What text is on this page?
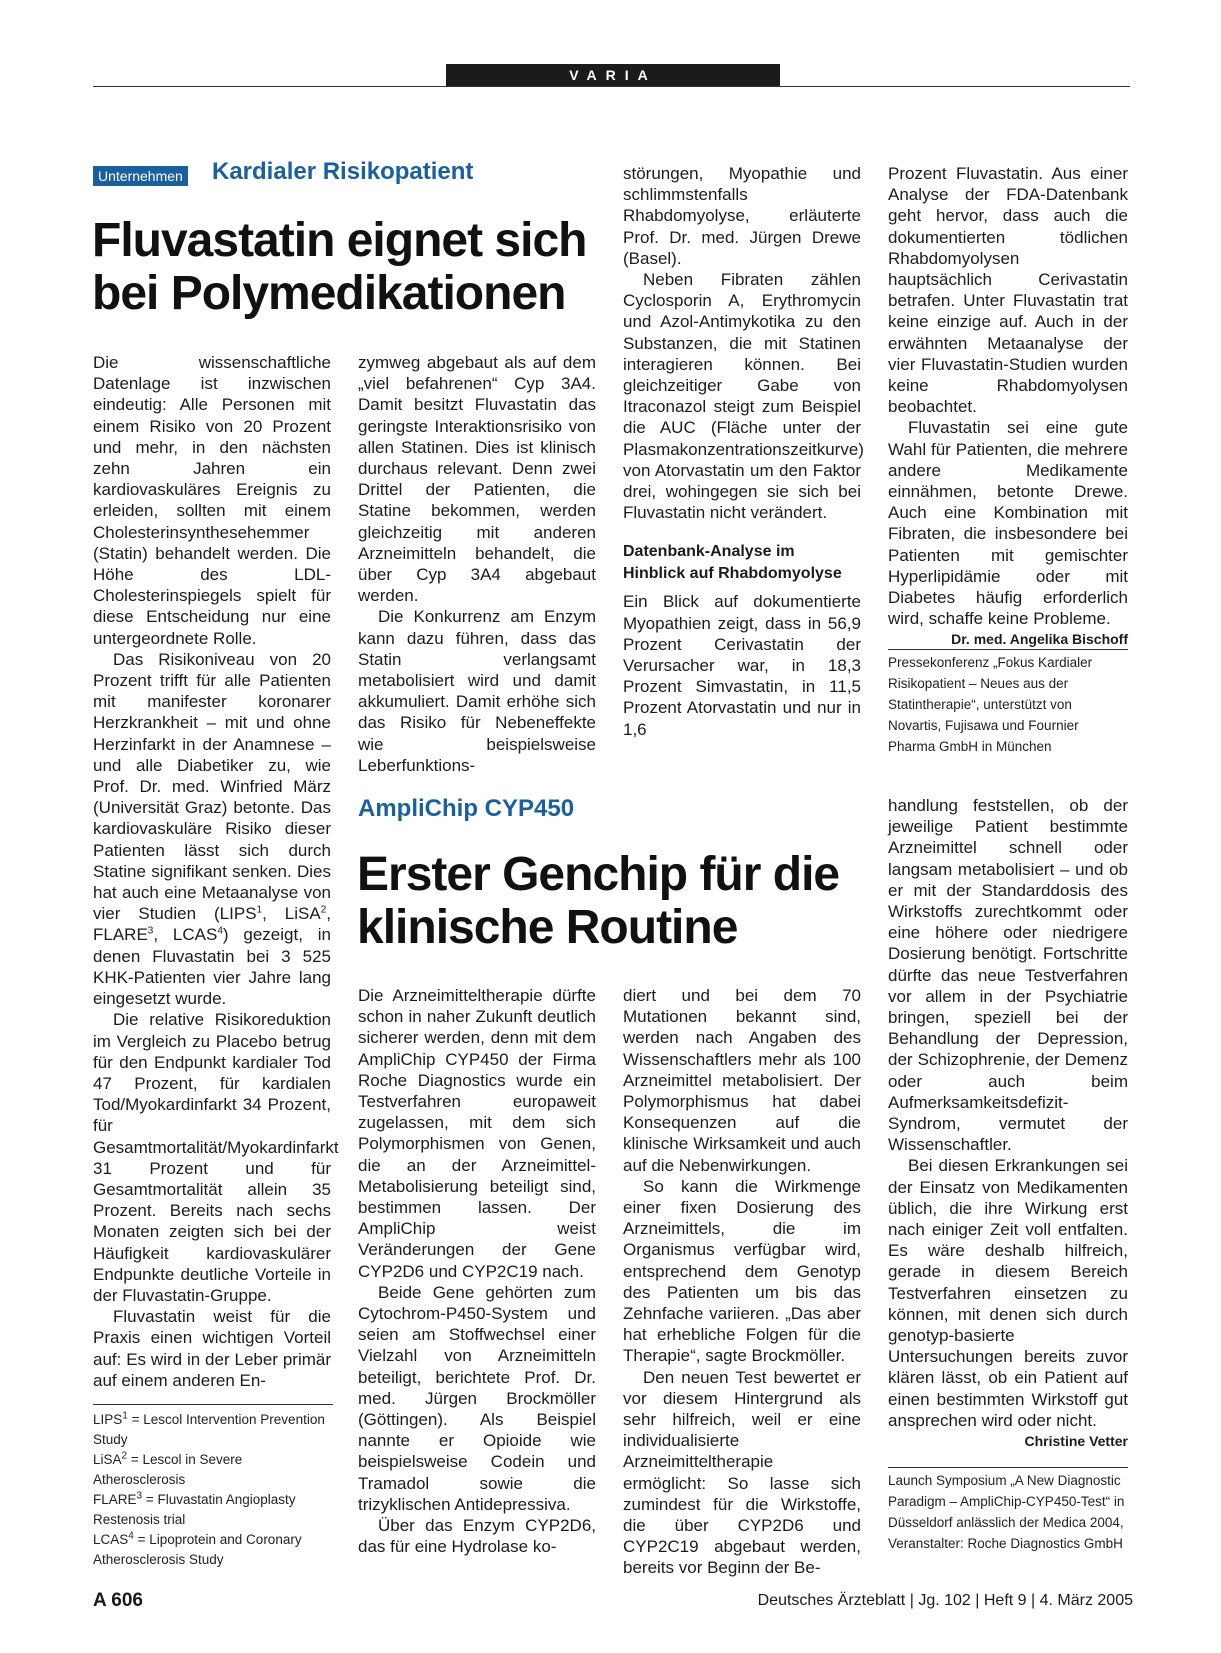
VARIA
Unternehmen Kardialer Risikopatient
Fluvastatin eignet sich
bei Polymedikationen

Die wissenschaftliche Datenlage ist inzwischen eindeutig: Alle Personen mit einem Risiko von 20 Prozent und mehr, in den nächsten zehn Jahren ein kardiovaskuläres Ereignis zu erleiden, sollten mit einem Cholesterinsynthesehemmer (Statin) behandelt werden. Die Höhe des LDL-Cholesterinspiegels spielt für diese Entscheidung nur eine untergeordnete Rolle.

Das Risikoniveau von 20 Prozent trifft für alle Patienten mit manifester koronarer Herzkrankheit – mit und ohne Herzinfarkt in der Anamnese – und alle Diabetiker zu, wie Prof. Dr. med. Winfried März (Universität Graz) betonte. Das kardiovaskuläre Risiko dieser Patienten lässt sich durch Statine signifikant senken. Dies hat auch eine Metaanalyse von vier Studien (LIPS$^1$, LiSA$^2$, FLARE$^3$, LCAS$^4$) gezeigt, in denen Fluvastatin bei 3 525 KHK-Patienten vier Jahre lang eingesetzt wurde.

Die relative Risikoreduktion im Vergleich zu Placebo betrug für den Endpunkt kardialer Tod 47 Prozent, für kardialen Tod/Myokardinfarkt 34 Prozent, für Gesamtmortalität/Myokardinfarkt 31 Prozent und für Gesamtmortalität allein 35 Prozent. Bereits nach sechs Monaten zeigten sich bei der Häufigkeit kardiovaskulärer Endpunkte deutliche Vorteile in der Fluvastatin-Gruppe.

Fluvastatin weist für die Praxis einen wichtigen Vorteil auf: Es wird in der Leber primär auf einem anderen En-

$LIPS^1$ = Lescol Intervention Prevention Study
LiSA$^2$ = Lescol in Severe Atherosclerosis
$FLARE^3$ = Fluvastatin Angioplasty Restenosis trial
$LCAS^4$ = Lipoprotein and Coronary Atherosclerosis Study

zymweg abgebaut als auf dem „viel befahrenen“ Cyp 3A4. Damit besitzt Fluvastatin das geringste Interaktionsrisiko von allen Statinen. Dies ist klinisch durchaus relevant. Denn zwei Drittel der Patienten, die Statine bekommen, werden gleichzeitig mit anderen Arzneimitteln behandelt, die über Cyp 3A4 abgebaut werden.

Die Konkurrenz am Enzym kann dazu führen, dass das Statin verlangsamt metabolisiert wird und damit akkumuliert. Damit erhöhe sich das Risiko für Nebeneffekte wie beispielsweise Leberfunktions-

störungen, Myopathie und schlimmstenfalls Rhabdomyolyse, erläuterte Prof. Dr. med. Jürgen Drewe (Basel).

Neben Fibraten zählen Cyclosporin A, Erythromycin und Azol-Antimykotika zu den Substanzen, die mit Statinen interagieren können. Bei gleichzeitiger Gabe von Itraconazol steigt zum Beispiel die AUC (Fläche unter der Plasmakonzentrationszeitkurve) von Atorvastatin um den Faktor drei, wohingegen sie sich bei Fluvastatin nicht verändert.

Datenbank-Analyse im
Hinblick auf Rhabdomyolyse

Ein Blick auf dokumentierte Myopathien zeigt, dass in 56,9 Prozent Cerivastatin der Verursacher war, in 18,3 Prozent Simvastatin, in 11,5 Prozent Atorvastatin und nur in 1,6

Prozent Fluvastatin. Aus einer Analyse der FDA-Datenbank geht hervor, dass auch die dokumentierten tödlichen Rhabdomyolysen hauptsächlich Cerivastatin betrafen. Unter Fluvastatin trat keine einzige auf. Auch in der erwähnten Metaanalyse der vier Fluvastatin-Studien wurden keine Rhabdomyolysen beobachtet.

Fluvastatin sei eine gute Wahl für Patienten, die mehrere andere Medikamente einnähmen, betonte Drewe. Auch eine Kombination mit Fibraten, die insbesondere bei Patienten mit gemischter Hyperlipidämie oder mit Diabetes häufig erforderlich wird, schaffe keine Probleme.
Dr. med. Angelika Bischoff

Pressekonferenz „Fokus Kardialer Risikopatient – Neues aus der Statintherapie“, unterstützt von Novartis, Fujisawa und Fournier Pharma GmbH in München
AmpliChip CYP450
Erster Genchip für die
klinische Routine

Die Arzneimitteltherapie dürfte schon in naher Zukunft deutlich sicherer werden, denn mit dem AmpliChip CYP450 der Firma Roche Diagnostics wurde ein Testverfahren europaweit zugelassen, mit dem sich Polymorphismen von Genen, die an der Arzneimittel-Metabolisierung beteiligt sind, bestimmen lassen. Der AmpliChip weist Veränderungen der Gene CYP2D6 und CYP2C19 nach.

Beide Gene gehörten zum Cytochrom-P450-System und seien am Stoffwechsel einer Vielzahl von Arzneimitteln beteiligt, berichtete Prof. Dr. med. Jürgen Brockmöller (Göttingen). Als Beispiel nannte er Opioide wie beispielsweise Codein und Tramadol sowie die trizyklischen Antidepressiva.

Über das Enzym CYP2D6, das für eine Hydrolase ko-

diert und bei dem 70 Mutationen bekannt sind, werden nach Angaben des Wissenschaftlers mehr als 100 Arzneimittel metabolisiert. Der Polymorphismus hat dabei Konsequenzen auf die klinische Wirksamkeit und auch auf die Nebenwirkungen.

So kann die Wirkmenge einer fixen Dosierung des Arzneimittels, die im Organismus verfügbar wird, entsprechend dem Genotyp des Patienten um bis das Zehnfache variieren. „Das aber hat erhebliche Folgen für die Therapie“, sagte Brockmöller.

Den neuen Test bewertet er vor diesem Hintergrund als sehr hilfreich, weil er eine individualisierte Arzneimitteltherapie ermöglicht: So lasse sich zumindest für die Wirkstoffe, die über CYP2D6 und CYP2C19 abgebaut werden, bereits vor Beginn der Be-

handlung feststellen, ob der jeweilige Patient bestimmte Arzneimittel schnell oder langsam metabolisiert – und ob er mit der Standarddosis des Wirkstoffs zurechtkommt oder eine höhere oder niedrigere Dosierung benötigt. Fortschritte dürfte das neue Testverfahren vor allem in der Psychiatrie bringen, speziell bei der Behandlung der Depression, der Schizophrenie, der Demenz oder auch beim Aufmerksamkeitsdefizit-Syndrom, vermutet der Wissenschaftler.

Bei diesen Erkrankungen sei der Einsatz von Medikamenten üblich, die ihre Wirkung erst nach einiger Zeit voll entfalten. Es wäre deshalb hilfreich, gerade in diesem Bereich Testverfahren einsetzen zu können, mit denen sich durch genotyp-basierte Untersuchungen bereits zuvor klären lässt, ob ein Patient auf einen bestimmten Wirkstoff gut ansprechen wird oder nicht.
Christine Vetter

Launch Symposium „A New Diagnostic Paradigm – AmpliChip-CYP450-Test“ in Düsseldorf anlässlich der Medica 2004, Veranstalter: Roche Diagnostics GmbH
A 606	Deutsches Ärzteblatt | Jg. 102 | Heft 9 | 4. März 2005
